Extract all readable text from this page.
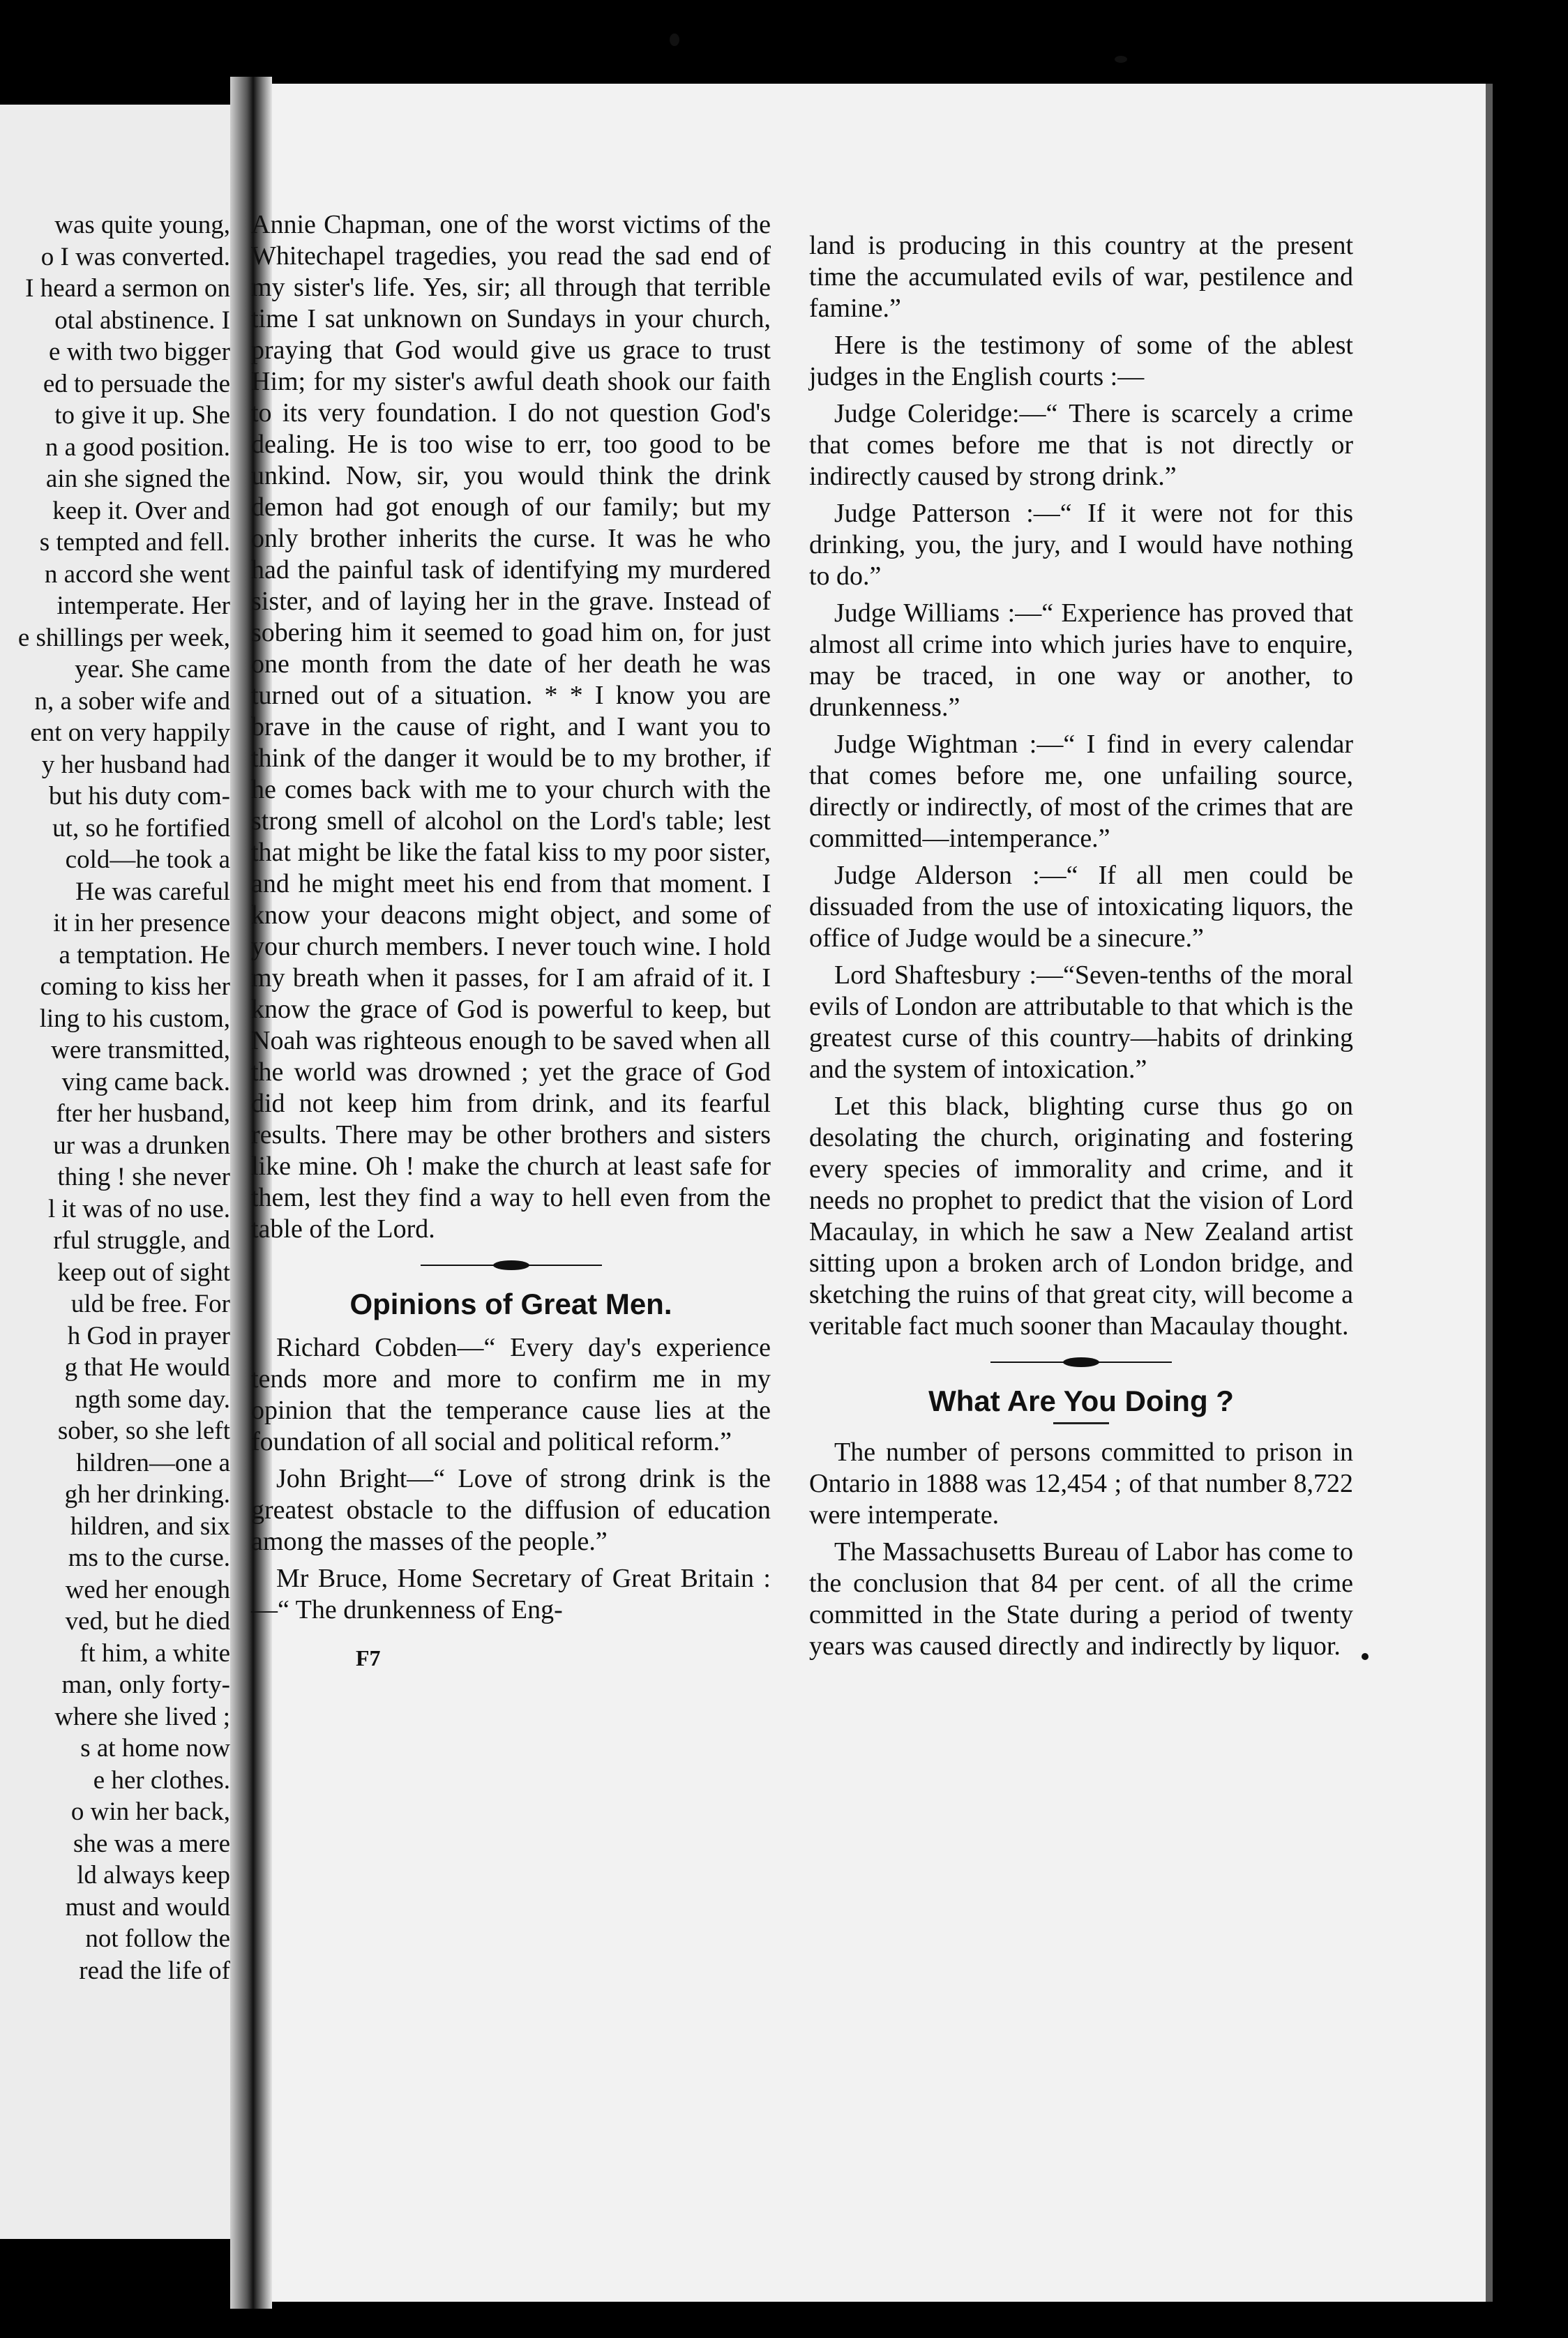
was quite young,
o I was converted.
I heard a sermon on
otal abstinence. I
e with two bigger
ed to persuade the
to give it up. She
n a good position.
ain she signed the
keep it. Over and
s tempted and fell.
n accord she went
intemperate. Her
e shillings per week,
year. She came
n, a sober wife and
ent on very happily
y her husband had
but his duty com-
ut, so he fortified
cold—he took a
He was careful
it in her presence
a temptation. He
coming to kiss her
ling to his custom,
were transmitted,
ving came back.
fter her husband,
ur was a drunken
thing ! she never
l it was of no use.
rful struggle, and
keep out of sight
uld be free. For
h God in prayer
g that He would
ngth some day.
sober, so she left
hildren—one a
gh her drinking.
hildren, and six
ms to the curse.
wed her enough
ved, but he died
ft him, a white
man, only forty-
where she lived ;
s at home now
e her clothes.
o win her back,
she was a mere
ld always keep
must and would
not follow the
read the life of

Annie Chapman, one of the worst victims of the Whitechapel tragedies, you read the sad end of my sister's life. Yes, sir; all through that terrible time I sat unknown on Sundays in your church, praying that God would give us grace to trust Him; for my sister's awful death shook our faith to its very foundation. I do not question God's dealing. He is too wise to err, too good to be unkind. Now, sir, you would think the drink demon had got enough of our family; but my only brother inherits the curse. It was he who had the painful task of identifying my murdered sister, and of laying her in the grave. Instead of sobering him it seemed to goad him on, for just one month from the date of her death he was turned out of a situation. * * I know you are brave in the cause of right, and I want you to think of the danger it would be to my brother, if he comes back with me to your church with the strong smell of alcohol on the Lord's table; lest that might be like the fatal kiss to my poor sister, and he might meet his end from that moment. I know your deacons might object, and some of your church members. I never touch wine. I hold my breath when it passes, for I am afraid of it. I know the grace of God is powerful to keep, but Noah was righteous enough to be saved when all the world was drowned ; yet the grace of God did not keep him from drink, and its fearful results. There may be other brothers and sisters like mine. Oh ! make the church at least safe for them, lest they find a way to hell even from the table of the Lord.

Opinions of Great Men.

Richard Cobden—“ Every day's experience tends more and more to confirm me in my opinion that the temperance cause lies at the foundation of all social and political reform.”

John Bright—“ Love of strong drink is the greatest obstacle to the diffusion of education among the masses of the people.”

Mr Bruce, Home Secretary of Great Britain :—“ The drunkenness of Eng-

F7

land is producing in this country at the present time the accumulated evils of war, pestilence and famine.”

Here is the testimony of some of the ablest judges in the English courts :—

Judge Coleridge:—“ There is scarcely a crime that comes before me that is not directly or indirectly caused by strong drink.”

Judge Patterson :—“ If it were not for this drinking, you, the jury, and I would have nothing to do.”

Judge Williams :—“ Experience has proved that almost all crime into which juries have to enquire, may be traced, in one way or another, to drunkenness.”

Judge Wightman :—“ I find in every calendar that comes before me, one unfailing source, directly or indirectly, of most of the crimes that are committed—intemperance.”

Judge Alderson :—“ If all men could be dissuaded from the use of intoxicating liquors, the office of Judge would be a sinecure.”

Lord Shaftesbury :—“Seven-tenths of the moral evils of London are attributable to that which is the greatest curse of this country—habits of drinking and the system of intoxication.”

Let this black, blighting curse thus go on desolating the church, originating and fostering every species of immorality and crime, and it needs no prophet to predict that the vision of Lord Macaulay, in which he saw a New Zealand artist sitting upon a broken arch of London bridge, and sketching the ruins of that great city, will become a veritable fact much sooner than Macaulay thought.

What Are You Doing ?

The number of persons committed to prison in Ontario in 1888 was 12,454 ; of that number 8,722 were intemperate.

The Massachusetts Bureau of Labor has come to the conclusion that 84 per cent. of all the crime committed in the State during a period of twenty years was caused directly and indirectly by liquor.
